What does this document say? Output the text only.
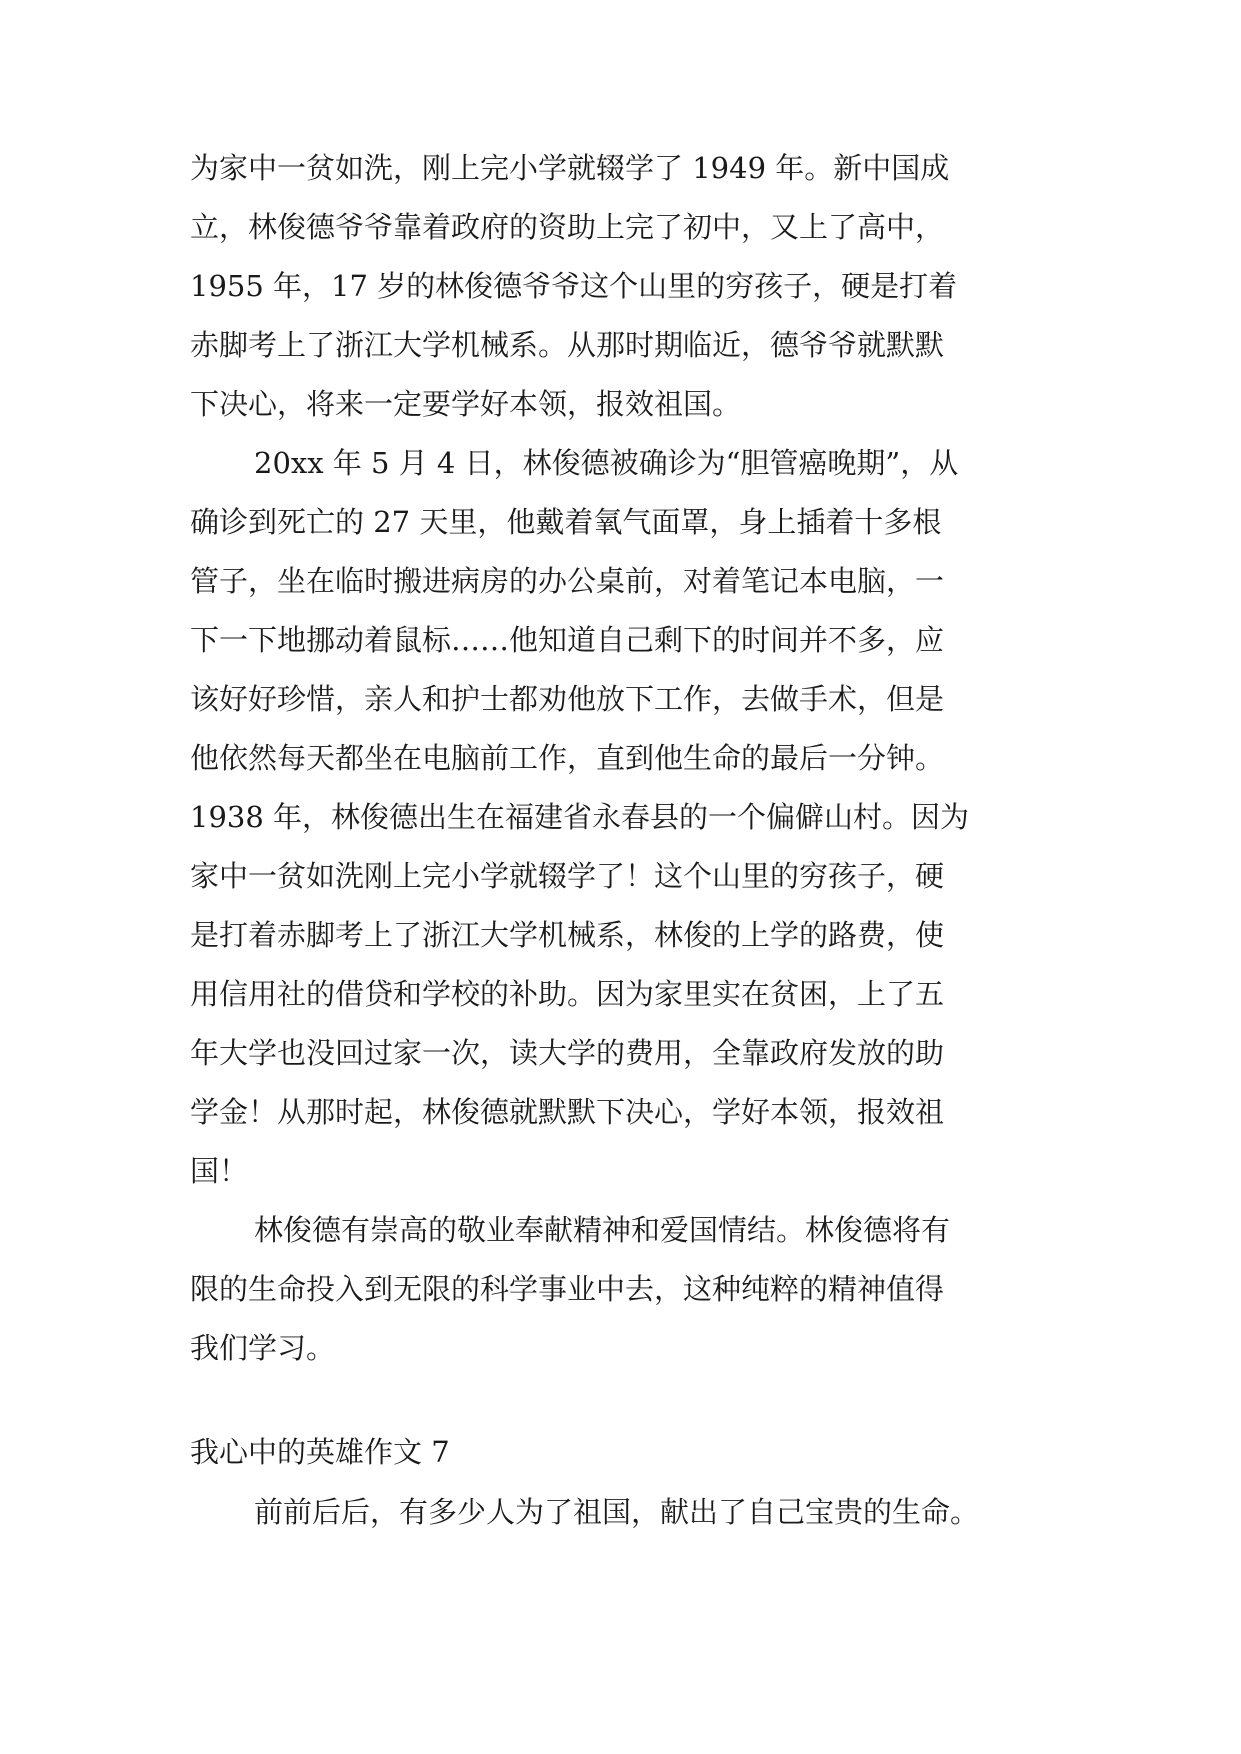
为家中一贫如洗，刚上完小学就辍学了 1949 年。新中国成
立，林俊德爷爷靠着政府的资助上完了初中，又上了高中，
1955 年，17 岁的林俊德爷爷这个山里的穷孩子，硬是打着
赤脚考上了浙江大学机械系。从那时期临近，德爷爷就默默
下决心，将来一定要学好本领，报效祖国。
20xx 年 5 月 4 日，林俊德被确诊为“胆管癌晚期”，从
确诊到死亡的 27 天里，他戴着氧气面罩，身上插着十多根
管子，坐在临时搬进病房的办公桌前，对着笔记本电脑，一
下一下地挪动着鼠标……他知道自己剩下的时间并不多，应
该好好珍惜，亲人和护士都劝他放下工作，去做手术，但是
他依然每天都坐在电脑前工作，直到他生命的最后一分钟。
1938 年，林俊德出生在福建省永春县的一个偏僻山村。因为
家中一贫如洗刚上完小学就辍学了！这个山里的穷孩子，硬
是打着赤脚考上了浙江大学机械系，林俊的上学的路费，使
用信用社的借贷和学校的补助。因为家里实在贫困，上了五
年大学也没回过家一次，读大学的费用，全靠政府发放的助
学金！从那时起，林俊德就默默下决心，学好本领，报效祖
国！
林俊德有崇高的敬业奉献精神和爱国情结。林俊德将有
限的生命投入到无限的科学事业中去，这种纯粹的精神值得
我们学习。
我心中的英雄作文 7
前前后后，有多少人为了祖国，献出了自己宝贵的生命。
